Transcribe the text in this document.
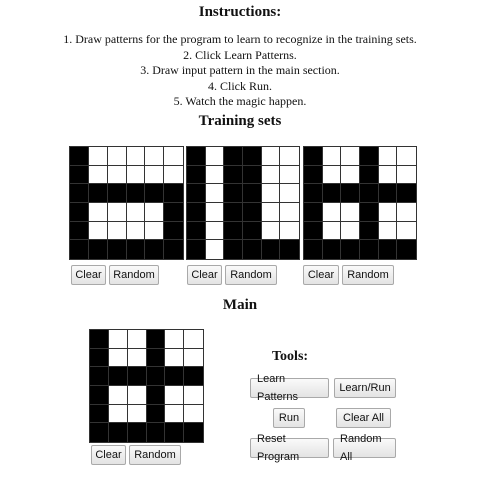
Instructions:
1. Draw patterns for the program to learn to recognize in the training sets.
2. Click Learn Patterns.
3. Draw input pattern in the main section.
4. Click Run.
5. Watch the magic happen.
Training sets
Clear	Random	Clear	Random	Clear	Random
Main
Clear	Random
Tools:
Learn Patterns
Learn/Run
Run	Clear All
Reset Program
Random All
